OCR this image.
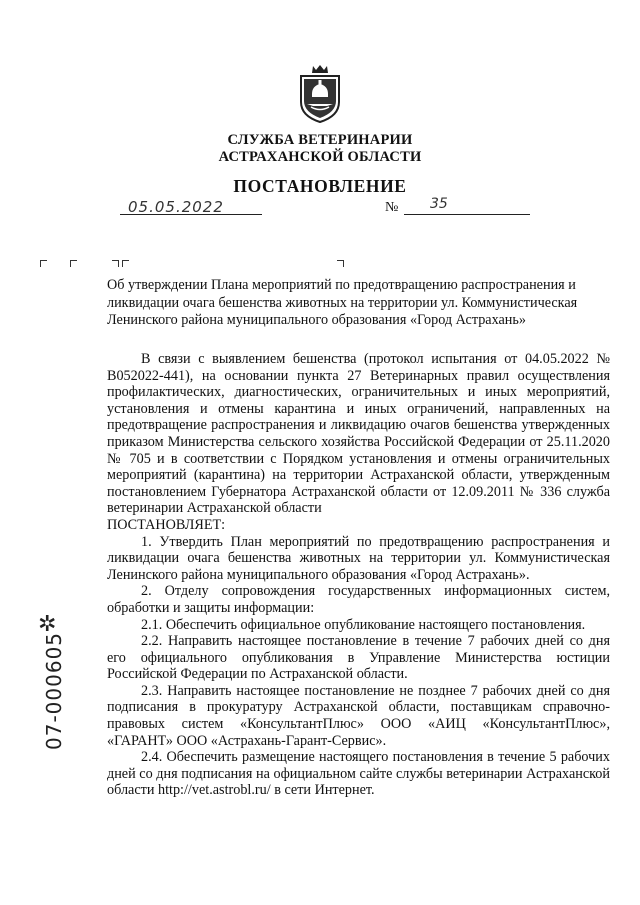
СЛУЖБА ВЕТЕРИНАРИИ
АСТРАХАНСКОЙ ОБЛАСТИ
ПОСТАНОВЛЕНИЕ
05.05.2022	№ 35
Об утверждении Плана мероприятий по предотвращению распространения и ликвидации очага бешенства животных на территории ул. Коммунистическая Ленинского района муниципального образования «Город Астрахань»

В связи с выявлением бешенства (протокол испытания от 04.05.2022 № В052022-441), на основании пункта 27 Ветеринарных правил осуществления профилактических, диагностических, ограничительных и иных мероприятий, установления и отмены карантина и иных ограничений, направленных на предотвращение распространения и ликвидацию очагов бешенства утвержденных приказом Министерства сельского хозяйства Российской Федерации от 25.11.2020 № 705 и в соответствии с Порядком установления и отмены ограничительных мероприятий (карантина) на территории Астраханской области, утвержденным постановлением Губернатора Астраханской области от 12.09.2011 № 336 служба ветеринарии Астраханской области

ПОСТАНОВЛЯЕТ:

1. Утвердить План мероприятий по предотвращению распространения и ликвидации очага бешенства животных на территории ул. Коммунистическая Ленинского района муниципального образования «Город Астрахань».

2. Отделу сопровождения государственных информационных систем, обработки и защиты информации:

2.1. Обеспечить официальное опубликование настоящего постановления.

2.2. Направить настоящее постановление в течение 7 рабочих дней со дня его официального опубликования в Управление Министерства юстиции Российской Федерации по Астраханской области.

2.3. Направить настоящее постановление не позднее 7 рабочих дней со дня подписания в прокуратуру Астраханской области, поставщикам справочно-правовых систем «КонсультантПлюс» ООО «АИЦ «КонсультантПлюс», «ГАРАНТ» ООО «Астрахань-Гарант-Сервис».

2.4. Обеспечить размещение настоящего постановления в течение 5 рабочих дней со дня подписания на официальном сайте службы ветеринарии Астраханской области http://vet.astrobl.ru/ в сети Интернет.

✲
07-000605
